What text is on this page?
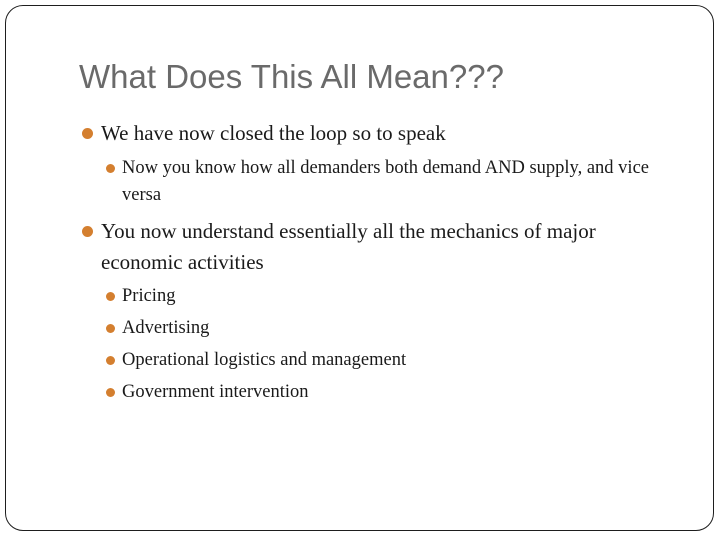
What Does This All Mean???
We have now closed the loop so to speak
Now you know how all demanders both demand AND supply, and vice versa
You now understand essentially all the mechanics of major economic activities
Pricing
Advertising
Operational logistics and management
Government intervention
